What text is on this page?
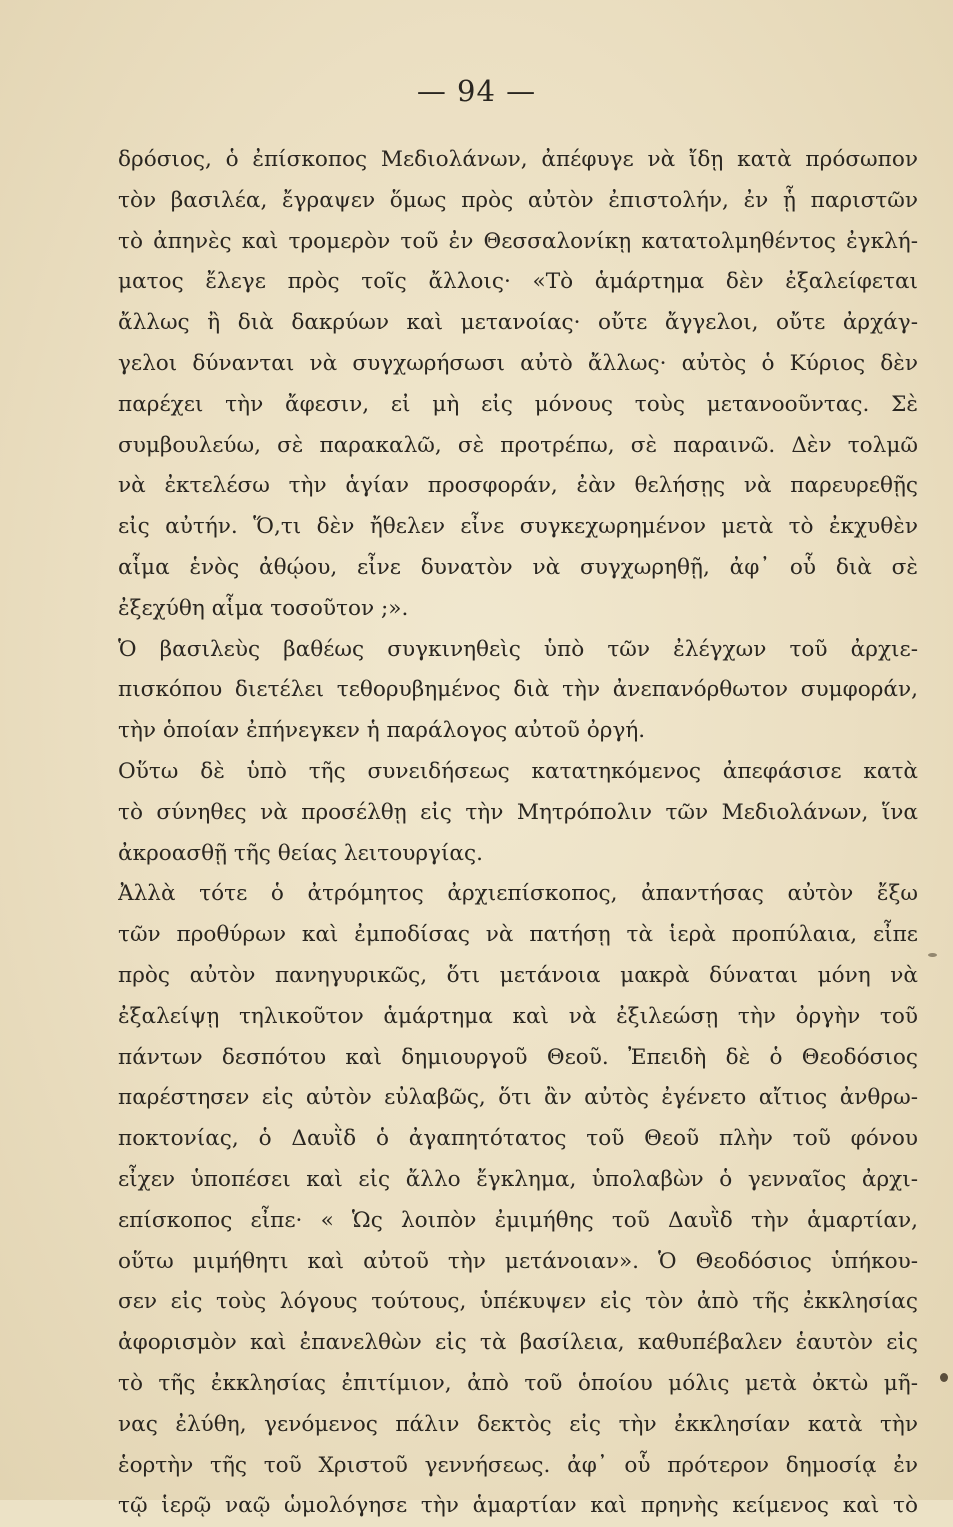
— 94 —
δρόσιος, ὁ ἐπίσκοπος Μεδιολάνων, ἀπέφυγε νὰ ἴδῃ κατὰ πρόσωπον
τὸν βασιλέα, ἔγραψεν ὅμως πρὸς αὐτὸν ἐπιστολήν, ἐν ᾗ παριστῶν
τὸ ἀπηνὲς καὶ τρομερὸν τοῦ ἐν Θεσσαλονίκῃ κατατολμηθέντος ἐγκλή-
ματος ἔλεγε πρὸς τοῖς ἄλλοις· «Τὸ ἁμάρτημα δὲν ἐξαλείφεται
ἄλλως ἢ διὰ δακρύων καὶ μετανοίας· οὔτε ἄγγελοι, οὔτε ἀρχάγ-
γελοι δύνανται νὰ συγχωρήσωσι αὐτὸ ἄλλως· αὐτὸς ὁ Κύριος δὲν
παρέχει τὴν ἄφεσιν, εἰ μὴ εἰς μόνους τοὺς μετανοοῦντας. Σὲ
συμβουλεύω, σὲ παρακαλῶ, σὲ προτρέπω, σὲ παραινῶ. Δὲν τολμῶ
νὰ ἐκτελέσω τὴν ἁγίαν προσφοράν, ἐὰν θελήσῃς νὰ παρευρεθῇς
εἰς αὐτήν. Ὅ,τι δὲν ἤθελεν εἶνε συγκεχωρημένον μετὰ τὸ ἐκχυθὲν
αἷμα ἑνὸς ἀθῴου, εἶνε δυνατὸν νὰ συγχωρηθῇ, ἀφ᾽ οὗ διὰ σὲ
ἐξεχύθη αἷμα τοσοῦτον ;».
Ὁ βασιλεὺς βαθέως συγκινηθεὶς ὑπὸ τῶν ἐλέγχων τοῦ ἀρχιε-
πισκόπου διετέλει τεθορυβημένος διὰ τὴν ἀνεπανόρθωτον συμφοράν,
τὴν ὁποίαν ἐπήνεγκεν ἡ παράλογος αὐτοῦ ὀργή.
Οὕτω δὲ ὑπὸ τῆς συνειδήσεως κατατηκόμενος ἀπεφάσισε κατὰ
τὸ σύνηθες νὰ προσέλθῃ εἰς τὴν Μητρόπολιν τῶν Μεδιολάνων, ἵνα
ἀκροασθῇ τῆς θείας λειτουργίας.
Ἀλλὰ τότε ὁ ἀτρόμητος ἀρχιεπίσκοπος, ἀπαντήσας αὐτὸν ἔξω
τῶν προθύρων καὶ ἐμποδίσας νὰ πατήσῃ τὰ ἱερὰ προπύλαια, εἶπε
πρὸς αὐτὸν πανηγυρικῶς, ὅτι μετάνοια μακρὰ δύναται μόνη νὰ
ἐξαλείψῃ τηλικοῦτον ἁμάρτημα καὶ νὰ ἐξιλεώσῃ τὴν ὀργὴν τοῦ
πάντων δεσπότου καὶ δημιουργοῦ Θεοῦ. Ἐπειδὴ δὲ ὁ Θεοδόσιος
παρέστησεν εἰς αὐτὸν εὐλαβῶς, ὅτι ἂν αὐτὸς ἐγένετο αἴτιος ἀνθρω-
ποκτονίας, ὁ Δαυῒδ ὁ ἀγαπητότατος τοῦ Θεοῦ πλὴν τοῦ φόνου
εἶχεν ὑποπέσει καὶ εἰς ἄλλο ἔγκλημα, ὑπολαβὼν ὁ γενναῖος ἀρχι-
επίσκοπος εἶπε· « Ὡς λοιπὸν ἐμιμήθης τοῦ Δαυῒδ τὴν ἁμαρτίαν,
οὕτω μιμήθητι καὶ αὐτοῦ τὴν μετάνοιαν». Ὁ Θεοδόσιος ὑπήκου-
σεν εἰς τοὺς λόγους τούτους, ὑπέκυψεν εἰς τὸν ἀπὸ τῆς ἐκκλησίας
ἀφορισμὸν καὶ ἐπανελθὼν εἰς τὰ βασίλεια, καθυπέβαλεν ἑαυτὸν εἰς
τὸ τῆς ἐκκλησίας ἐπιτίμιον, ἀπὸ τοῦ ὁποίου μόλις μετὰ ὀκτὼ μῆ-
νας ἐλύθη, γενόμενος πάλιν δεκτὸς εἰς τὴν ἐκκλησίαν κατὰ τὴν
ἑορτὴν τῆς τοῦ Χριστοῦ γεννήσεως. ἀφ᾽ οὗ πρότερον δημοσίᾳ ἐν
τῷ ἱερῷ ναῷ ὡμολόγησε τὴν ἁμαρτίαν καὶ πρηνὴς κείμενος καὶ τὸ
